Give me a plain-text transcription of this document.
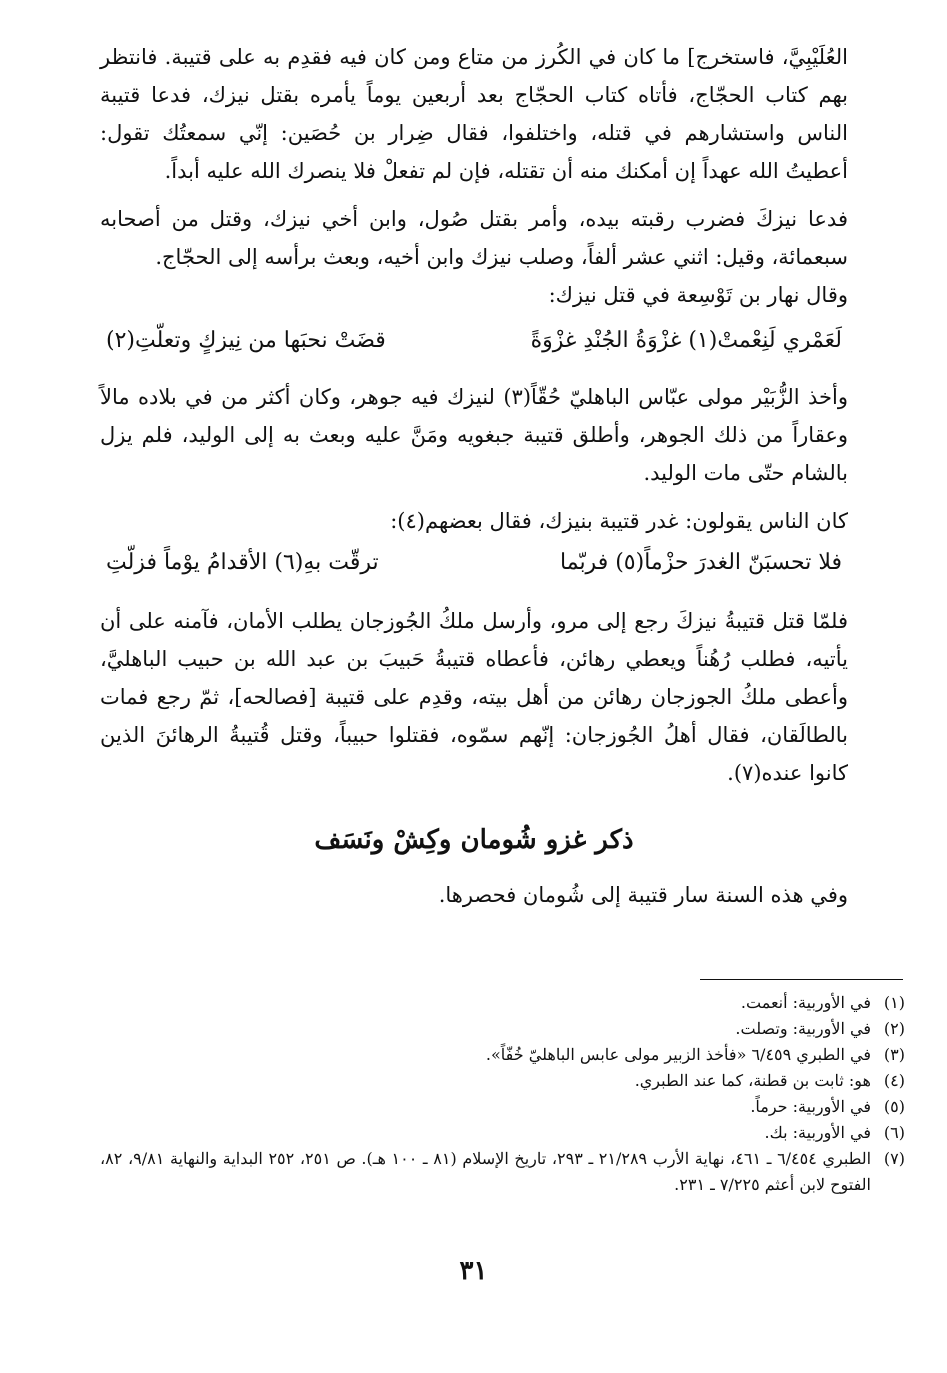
العُلَيْبِيَّ، فاستخرج] ما كان في الكُرز من متاع ومن كان فيه فقدِم به على قتيبة. فانتظر بهم كتاب الحجّاج، فأتاه كتاب الحجّاج بعد أربعين يوماً يأمره بقتل نيزك، فدعا قتيبة الناس واستشارهم في قتله، واختلفوا، فقال ضِرار بن حُصَين: إنّي سمعتُك تقول: أعطيتُ الله عهداً إن أمكنك منه أن تقتله، فإن لم تفعلْ فلا ينصرك الله عليه أبداً.

فدعا نيزكَ فضرب رقبته بيده، وأمر بقتل صُول، وابن أخي نيزك، وقتل من أصحابه سبعمائة، وقيل: اثني عشر ألفاً، وصلب نيزك وابن أخيه، وبعث برأسه إلى الحجّاج.

وقال نهار بن تَوْسِعة في قتل نيزك:

لَعَمْري لَنِعْمتْ(١) غزْوَةُ الجُنْدِ غزْوَةً
قضَتْ نحبَها من نِيزكٍ وتعلّتِ(٢)

وأخذ الزُّبَيْر مولى عبّاس الباهليّ حُقّاً(٣) لنيزك فيه جوهر، وكان أكثر من في بلاده مالاً وعقاراً من ذلك الجوهر، وأطلق قتيبة جبغويه ومَنَّ عليه وبعث به إلى الوليد، فلم يزل بالشام حتّى مات الوليد.

كان الناس يقولون: غدر قتيبة بنيزك، فقال بعضهم(٤):

فلا تحسبَنّ الغدرَ حزْماً(٥) فربّما
ترقّت بهِ(٦) الأقدامُ يوْماً فزلّتِ

فلمّا قتل قتيبةُ نيزكَ رجع إلى مرو، وأرسل ملكُ الجُوزجان يطلب الأمان، فآمنه على أن يأتيه، فطلب رُهُناً ويعطي رهائن، فأعطاه قتيبةُ حَبيبَ بن عبد الله بن حبيب الباهليَّ، وأعطى ملكُ الجوزجان رهائن من أهل بيته، وقدِم على قتيبة [فصالحه]، ثمّ رجع فمات بالطالَقان، فقال أهلُ الجُوزجان: إنّهم سمّوه، فقتلوا حبيباً، وقتل قُتيبةُ الرهائنَ الذين كانوا عنده(٧).

ذكر غزو شُومان وكِشْ ونَسَف

وفي هذه السنة سار قتيبة إلى شُومان فحصرها.

(١)
في الأوربية: أنعمت.
(٢)
في الأوربية: وتصلت.
(٣)
في الطبري ٦/٤٥٩ «فأخذ الزبير مولى عابس الباهليّ خُفّاً».
(٤)
هو: ثابت بن قطنة، كما عند الطبري.
(٥)
في الأوربية: حرماً.
(٦)
في الأوربية: بك.
(٧)
الطبري ٦/٤٥٤ ـ ٤٦١، نهاية الأرب ٢١/٢٨٩ ـ ٢٩٣، تاريخ الإسلام (٨١ ـ ١٠٠ هـ). ص ٢٥١، ٢٥٢ البداية والنهاية ٩/٨١، ٨٢، الفتوح لابن أعثم ٧/٢٢٥ ـ ٢٣١.
٣١
